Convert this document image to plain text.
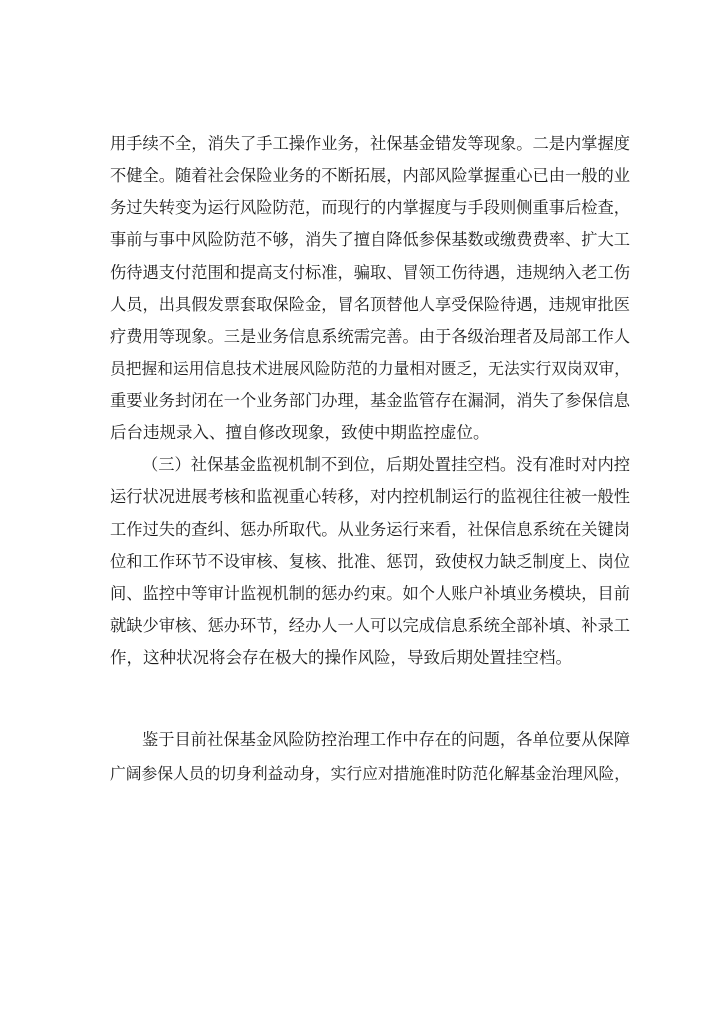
用手续不全，消失了手工操作业务，社保基金错发等现象。二是内掌握度
不健全。随着社会保险业务的不断拓展，内部风险掌握重心已由一般的业
务过失转变为运行风险防范，而现行的内掌握度与手段则侧重事后检查，
事前与事中风险防范不够，消失了擅自降低参保基数或缴费费率、扩大工
伤待遇支付范围和提高支付标准，骗取、冒领工伤待遇，违规纳入老工伤
人员，出具假发票套取保险金，冒名顶替他人享受保险待遇，违规审批医
疗费用等现象。三是业务信息系统需完善。由于各级治理者及局部工作人
员把握和运用信息技术进展风险防范的力量相对匮乏，无法实行双岗双审，
重要业务封闭在一个业务部门办理，基金监管存在漏洞，消失了参保信息
后台违规录入、擅自修改现象，致使中期监控虚位。
（三）社保基金监视机制不到位，后期处置挂空档。没有准时对内控
运行状况进展考核和监视重心转移，对内控机制运行的监视往往被一般性
工作过失的查纠、惩办所取代。从业务运行来看，社保信息系统在关键岗
位和工作环节不设审核、复核、批准、惩罚，致使权力缺乏制度上、岗位
间、监控中等审计监视机制的惩办约束。如个人账户补填业务模块，目前
就缺少审核、惩办环节，经办人一人可以完成信息系统全部补填、补录工
作，这种状况将会存在极大的操作风险，导致后期处置挂空档。
鉴于目前社保基金风险防控治理工作中存在的问题，各单位要从保障
广阔参保人员的切身利益动身，实行应对措施准时防范化解基金治理风险，
